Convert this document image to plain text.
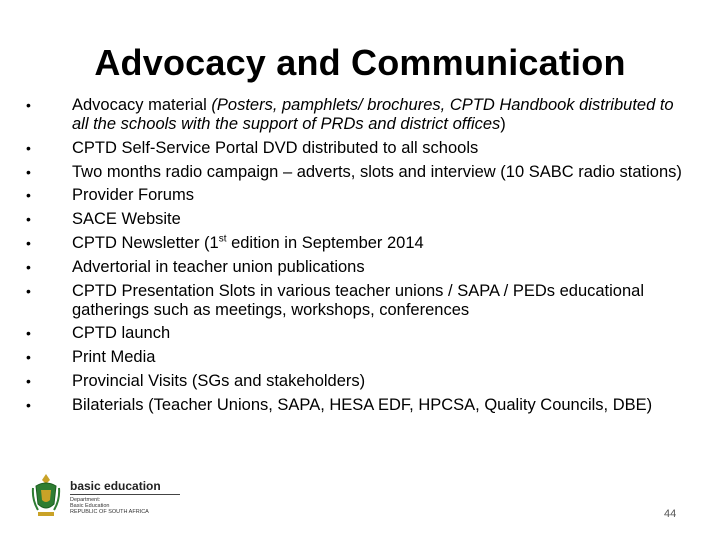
Advocacy and Communication
• Advocacy material (Posters, pamphlets/ brochures, CPTD Handbook distributed to all the schools with the support of PRDs and district offices)
• CPTD Self-Service Portal DVD distributed to all schools
• Two months radio campaign – adverts, slots and interview (10 SABC radio stations)
• Provider Forums
• SACE Website
• CPTD Newsletter (1st edition in September 2014
• Advertorial in teacher union publications
• CPTD Presentation Slots in various teacher unions / SAPA / PEDs educational gatherings such as meetings, workshops, conferences
• CPTD launch
• Print Media
• Provincial Visits (SGs and stakeholders)
• Bilaterials (Teacher Unions, SAPA, HESA EDF, HPCSA, Quality Councils, DBE)
basic education
Department:
Basic Education
REPUBLIC OF SOUTH AFRICA	44
